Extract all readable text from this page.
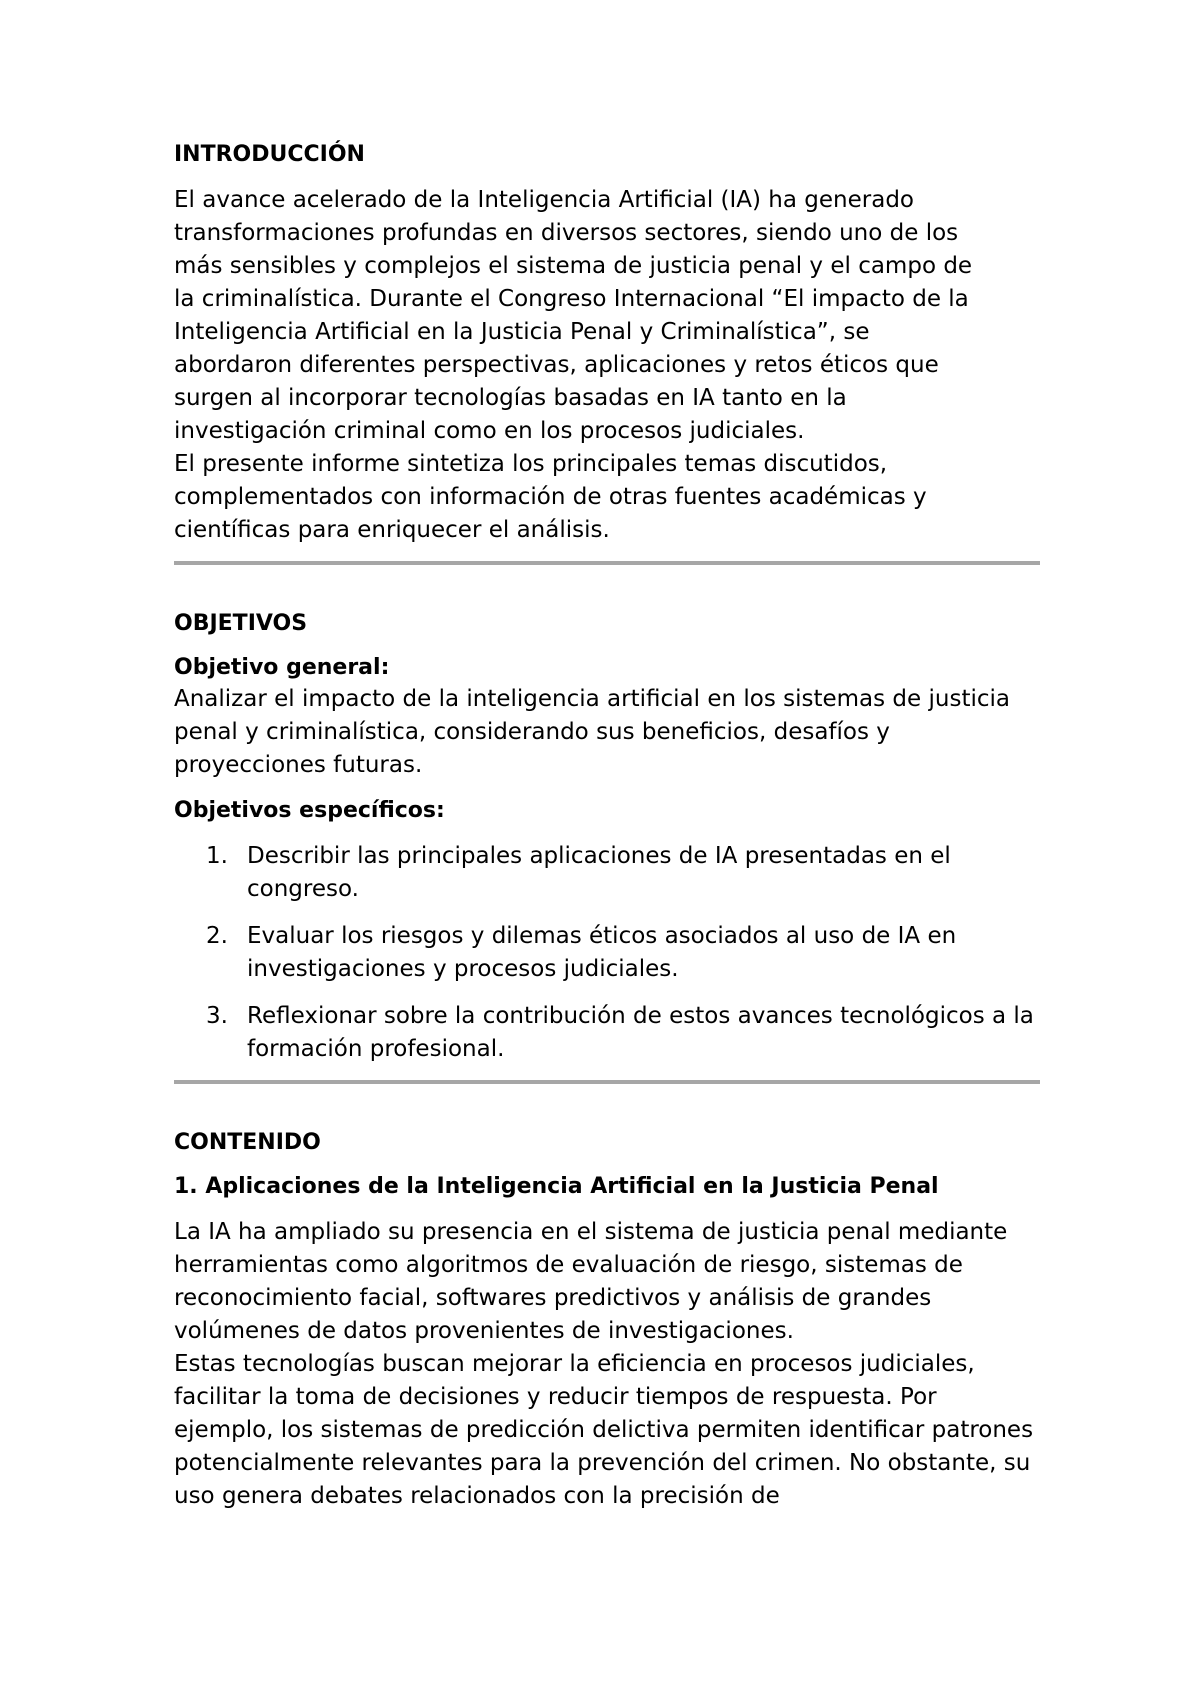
INTRODUCCIÓN

El avance acelerado de la Inteligencia Artificial (IA) ha generado transformaciones profundas en diversos sectores, siendo uno de los más sensibles y complejos el sistema de justicia penal y el campo de la criminalística. Durante el Congreso Internacional “El impacto de la Inteligencia Artificial en la Justicia Penal y Criminalística”, se abordaron diferentes perspectivas, aplicaciones y retos éticos que surgen al incorporar tecnologías basadas en IA tanto en la investigación criminal como en los procesos judiciales.

El presente informe sintetiza los principales temas discutidos, complementados con información de otras fuentes académicas y científicas para enriquecer el análisis.

OBJETIVOS
Objetivo general:

Analizar el impacto de la inteligencia artificial en los sistemas de justicia penal y criminalística, considerando sus beneficios, desafíos y proyecciones futuras.

Objetivos específicos:
1. Describir las principales aplicaciones de IA presentadas en el congreso.
2. Evaluar los riesgos y dilemas éticos asociados al uso de IA en investigaciones y procesos judiciales.
3. Reflexionar sobre la contribución de estos avances tecnológicos a la formación profesional.
CONTENIDO
1. Aplicaciones de la Inteligencia Artificial en la Justicia Penal

La IA ha ampliado su presencia en el sistema de justicia penal mediante herramientas como algoritmos de evaluación de riesgo, sistemas de reconocimiento facial, softwares predictivos y análisis de grandes volúmenes de datos provenientes de investigaciones.

Estas tecnologías buscan mejorar la eficiencia en procesos judiciales, facilitar la toma de decisiones y reducir tiempos de respuesta. Por ejemplo, los sistemas de predicción delictiva permiten identificar patrones potencialmente relevantes para la prevención del crimen. No obstante, su uso genera debates relacionados con la precisión de
